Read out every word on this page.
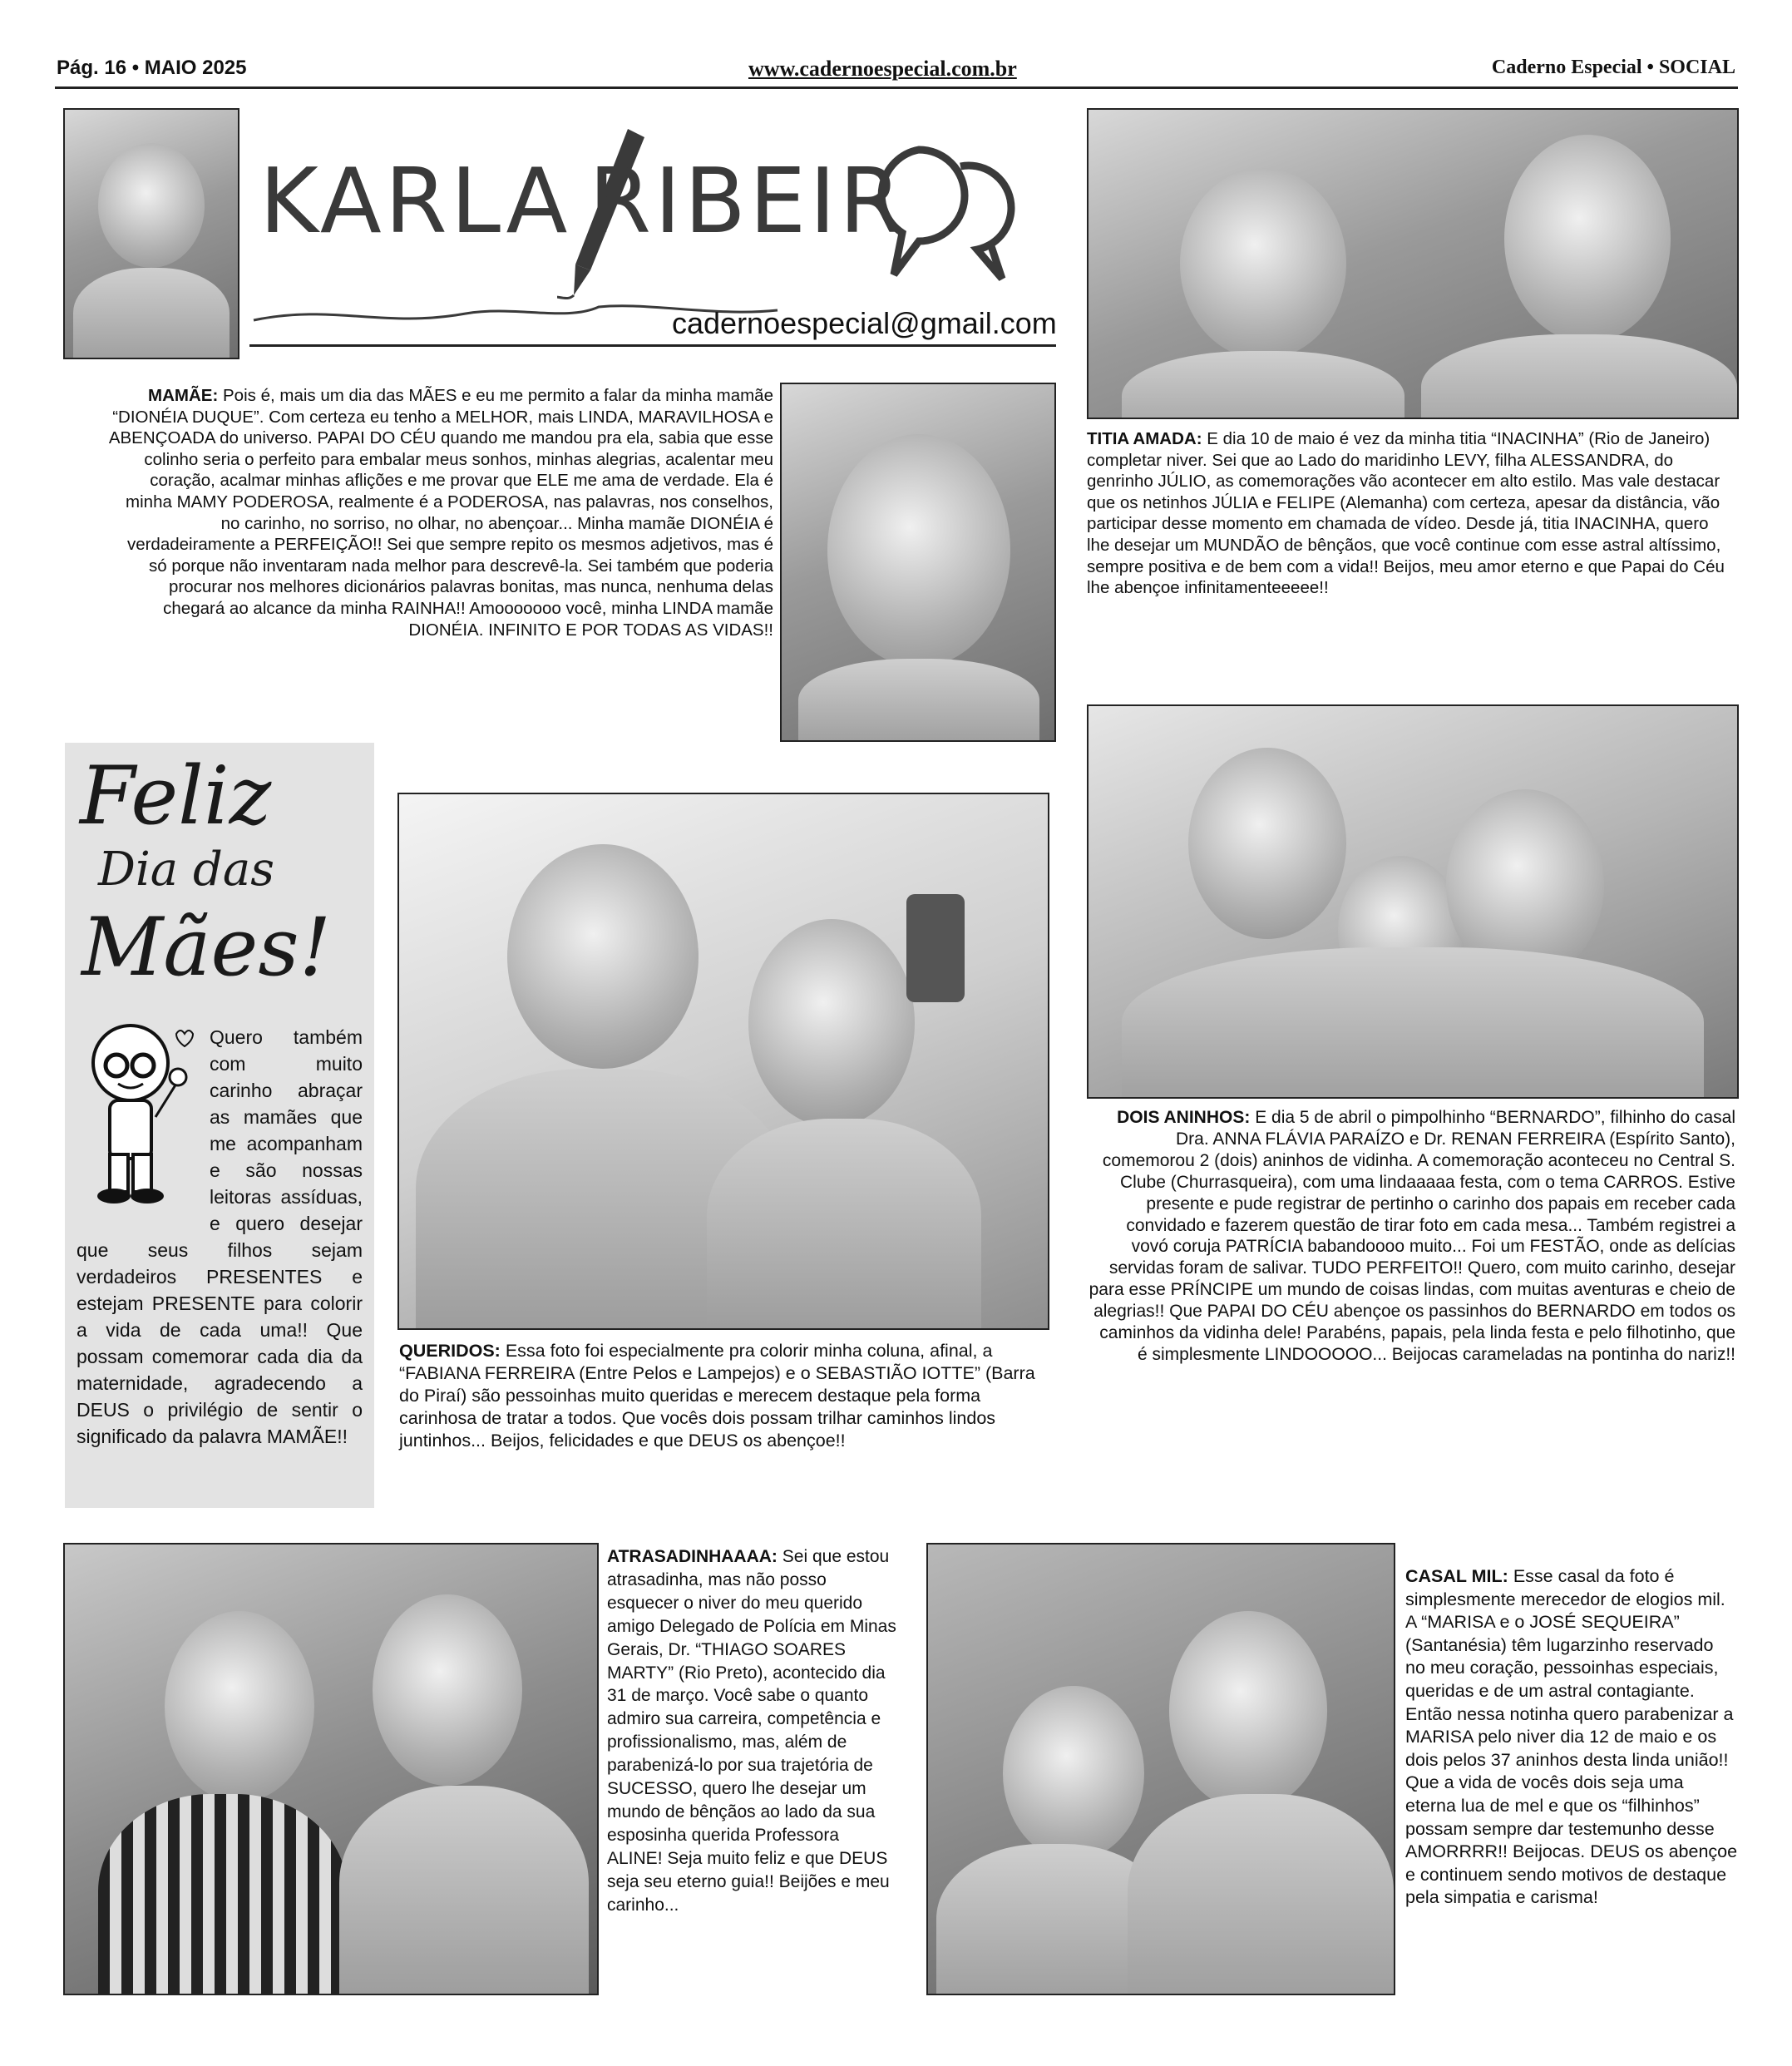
Pág. 16 • MAIO 2025	www.cadernoespecial.com.br	Caderno Especial • SOCIAL
KARLA RIBEIR
cadernoespecial@gmail.com
MAMÃE: Pois é, mais um dia das MÃES e eu me permito a falar da minha mamãe “DIONÉIA DUQUE”. Com certeza eu tenho a MELHOR, mais LINDA, MARAVILHOSA e ABENÇOADA do universo. PAPAI DO CÉU quando me mandou pra ela, sabia que esse colinho seria o perfeito para embalar meus sonhos, minhas alegrias, acalentar meu coração, acalmar minhas aflições e me provar que ELE me ama de verdade. Ela é minha MAMY PODEROSA, realmente é a PODEROSA, nas palavras, nos conselhos, no carinho, no sorriso, no olhar, no abençoar... Minha mamãe DIONÉIA é verdadeiramente a PERFEIÇÃO!! Sei que sempre repito os mesmos adjetivos, mas é só porque não inventaram nada melhor para descrevê-la. Sei também que poderia procurar nos melhores dicionários palavras bonitas, mas nunca, nenhuma delas chegará ao alcance da minha RAINHA!! Amooooooo você, minha LINDA mamãe DIONÉIA. INFINITO E POR TODAS AS VIDAS!!
TITIA AMADA: E dia 10 de maio é vez da minha titia “INACINHA” (Rio de Janeiro) completar niver. Sei que ao Lado do maridinho LEVY, filha ALESSANDRA, do genrinho JÚLIO, as comemorações vão acontecer em alto estilo. Mas vale destacar que os netinhos JÚLIA e FELIPE (Alemanha) com certeza, apesar da distância, vão participar desse momento em chamada de vídeo. Desde já, titia INACINHA, quero lhe desejar um MUNDÃO de bênçãos, que você continue com esse astral altíssimo, sempre positiva e de bem com a vida!! Beijos, meu amor eterno e que Papai do Céu lhe abençoe infinitamenteeeee!!
Feliz
Dia das
Mães!
Quero também com muito carinho abraçar as mamães que me acompanham e são nossas leitoras assíduas, e quero desejar que seus filhos sejam verdadeiros PRESENTES e estejam PRESENTE para colorir a vida de cada uma!! Que possam comemorar cada dia da maternidade, agradecendo a DEUS o privilégio de sentir o significado da palavra MAMÃE!!
QUERIDOS: Essa foto foi especialmente pra colorir minha coluna, afinal, a “FABIANA FERREIRA (Entre Pelos e Lampejos) e o SEBASTIÃO IOTTE” (Barra do Piraí) são pessoinhas muito queridas e merecem destaque pela forma carinhosa de tratar a todos. Que vocês dois possam trilhar caminhos lindos juntinhos... Beijos, felicidades e que DEUS os abençoe!!
DOIS ANINHOS: E dia 5 de abril o pimpolhinho “BERNARDO”, filhinho do casal Dra. ANNA FLÁVIA PARAÍZO e Dr. RENAN FERREIRA (Espírito Santo), comemorou 2 (dois) aninhos de vidinha. A comemoração aconteceu no Central S. Clube (Churrasqueira), com uma lindaaaaa festa, com o tema CARROS. Estive presente e pude registrar de pertinho o carinho dos papais em receber cada convidado e fazerem questão de tirar foto em cada mesa... Também registrei a vovó coruja PATRÍCIA babandoooo muito... Foi um FESTÃO, onde as delícias servidas foram de salivar. TUDO PERFEITO!! Quero, com muito carinho, desejar para esse PRÍNCIPE um mundo de coisas lindas, com muitas aventuras e cheio de alegrias!! Que PAPAI DO CÉU abençoe os passinhos do BERNARDO em todos os caminhos da vidinha dele! Parabéns, papais, pela linda festa e pelo filhotinho, que é simplesmente LINDOOOOO... Beijocas carameladas na pontinha do nariz!!
ATRASADINHAAAA: Sei que estou atrasadinha, mas não posso esquecer o niver do meu querido amigo Delegado de Polícia em Minas Gerais, Dr. “THIAGO SOARES MARTY” (Rio Preto), acontecido dia 31 de março. Você sabe o quanto admiro sua carreira, competência e profissionalismo, mas, além de parabenizá-lo por sua trajetória de SUCESSO, quero lhe desejar um mundo de bênçãos ao lado da sua esposinha querida Professora ALINE! Seja muito feliz e que DEUS seja seu eterno guia!! Beijões e meu carinho...
CASAL MIL: Esse casal da foto é simplesmente merecedor de elogios mil. A “MARISA e o JOSÉ SEQUEIRA” (Santanésia) têm lugarzinho reservado no meu coração, pessoinhas especiais, queridas e de um astral contagiante. Então nessa notinha quero parabenizar a MARISA pelo niver dia 12 de maio e os dois pelos 37 aninhos desta linda união!! Que a vida de vocês dois seja uma eterna lua de mel e que os “filhinhos” possam sempre dar testemunho desse AMORRRR!! Beijocas. DEUS os abençoe e continuem sendo motivos de destaque pela simpatia e carisma!
